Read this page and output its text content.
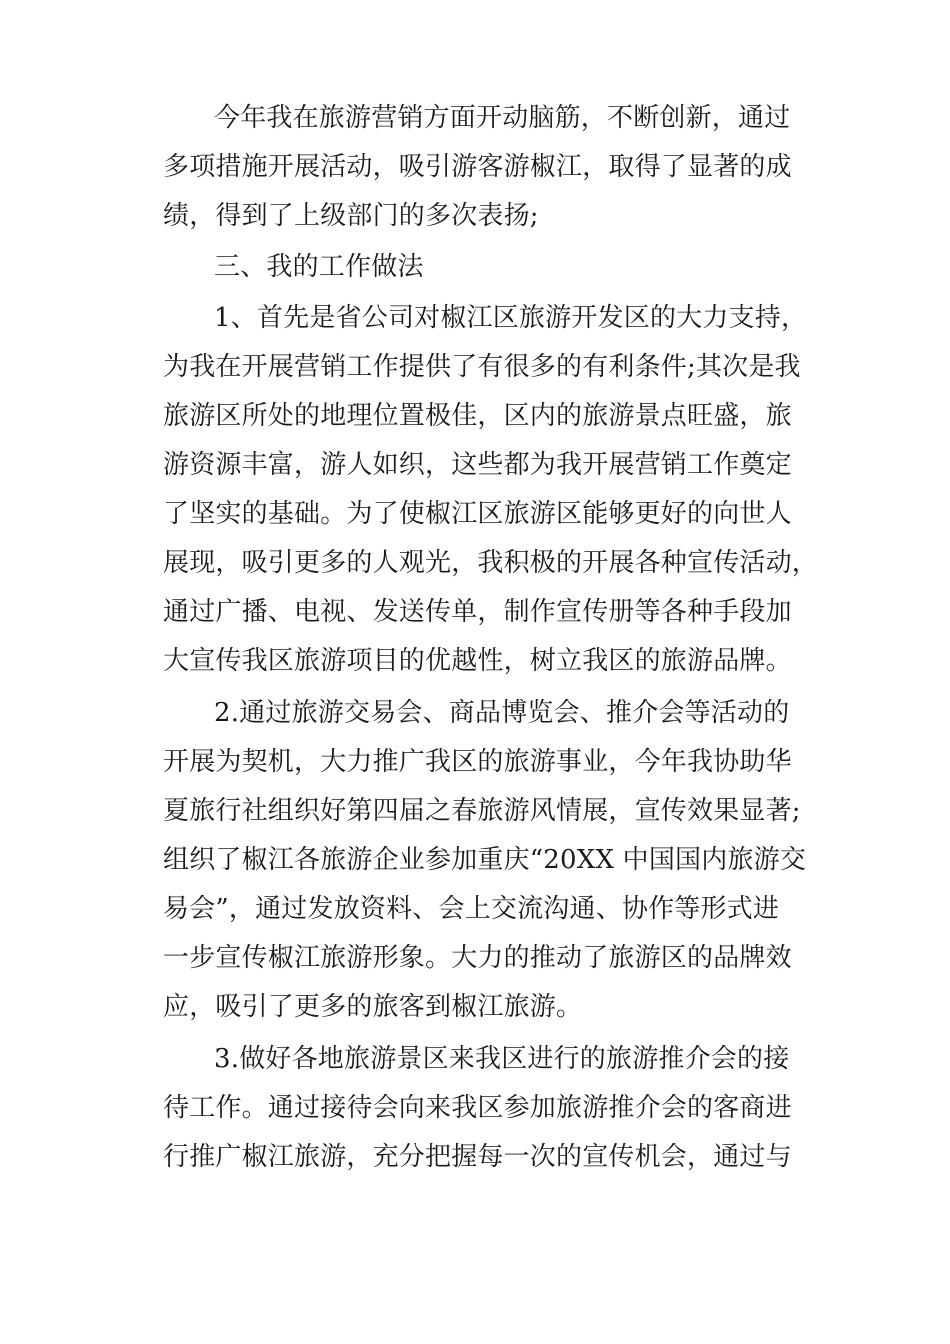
今年我在旅游营销方面开动脑筋，不断创新，通过
多项措施开展活动，吸引游客游椒江，取得了显著的成
绩，得到了上级部门的多次表扬;
三、我的工作做法
1、首先是省公司对椒江区旅游开发区的大力支持，
为我在开展营销工作提供了有很多的有利条件;其次是我
旅游区所处的地理位置极佳，区内的旅游景点旺盛，旅
游资源丰富，游人如织，这些都为我开展营销工作奠定
了坚实的基础。为了使椒江区旅游区能够更好的向世人
展现，吸引更多的人观光，我积极的开展各种宣传活动，
通过广播、电视、发送传单，制作宣传册等各种手段加
大宣传我区旅游项目的优越性，树立我区的旅游品牌。
2.通过旅游交易会、商品博览会、推介会等活动的
开展为契机，大力推广我区的旅游事业，今年我协助华
夏旅行社组织好第四届之春旅游风情展，宣传效果显著;
组织了椒江各旅游企业参加重庆“20XX 中国国内旅游交
易会”，通过发放资料、会上交流沟通、协作等形式进
一步宣传椒江旅游形象。大力的推动了旅游区的品牌效
应，吸引了更多的旅客到椒江旅游。
3.做好各地旅游景区来我区进行的旅游推介会的接
待工作。通过接待会向来我区参加旅游推介会的客商进
行推广椒江旅游，充分把握每一次的宣传机会，通过与
